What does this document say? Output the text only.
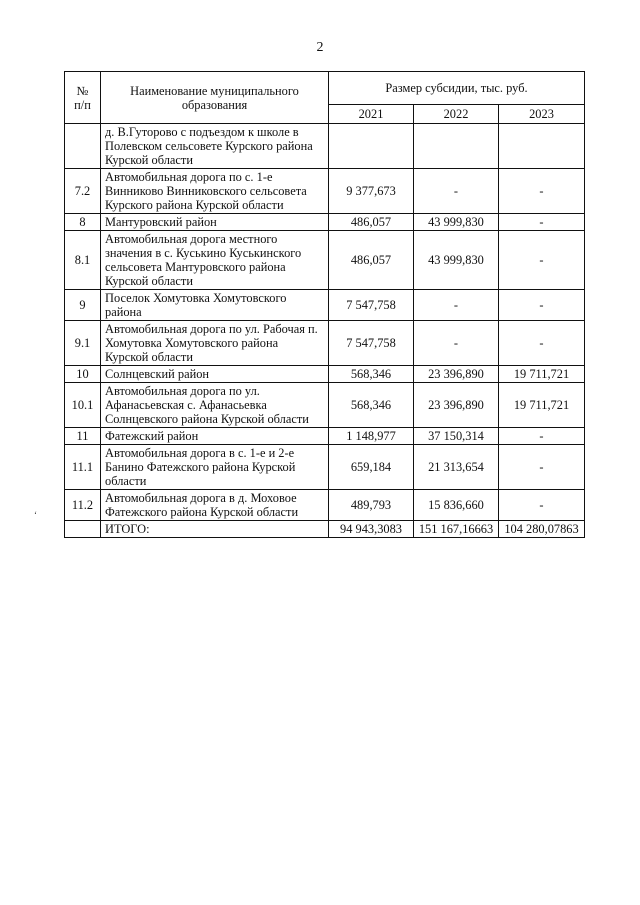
2
‘
№
п/п	Наименование муниципального образования	Размер субсидии, тыс. руб.		
		2021	2022	2023
	д. В.Гуторово с подъездом к школе в Полевском сельсовете Курского района Курской области			
7.2	Автомобильная дорога по с. 1-е Винниково Винниковского сельсовета Курского района Курской области	9 377,673	-	-
8	Мантуровский район	486,057	43 999,830	-
8.1	Автомобильная дорога местного значения в с. Куськино Куськинского сельсовета Мантуровского района Курской области	486,057	43 999,830	-
9	Поселок Хомутовка Хомутовского района	7 547,758	-	-
9.1	Автомобильная дорога по ул. Рабочая п. Хомутовка Хомутовского района Курской области	7 547,758	-	-
10	Солнцевский район	568,346	23 396,890	19 711,721
10.1	Автомобильная дорога по ул. Афанасьевская с. Афанасьевка Солнцевского района Курской области	568,346	23 396,890	19 711,721
11	Фатежский район	1 148,977	37 150,314	-
11.1	Автомобильная дорога в с. 1-е и 2-е Банино Фатежского района Курской области	659,184	21 313,654	-
11.2	Автомобильная дорога в д. Моховое Фатежского района Курской области	489,793	15 836,660	-
	ИТОГО:	94 943,3083	151 167,16663	104 280,07863
